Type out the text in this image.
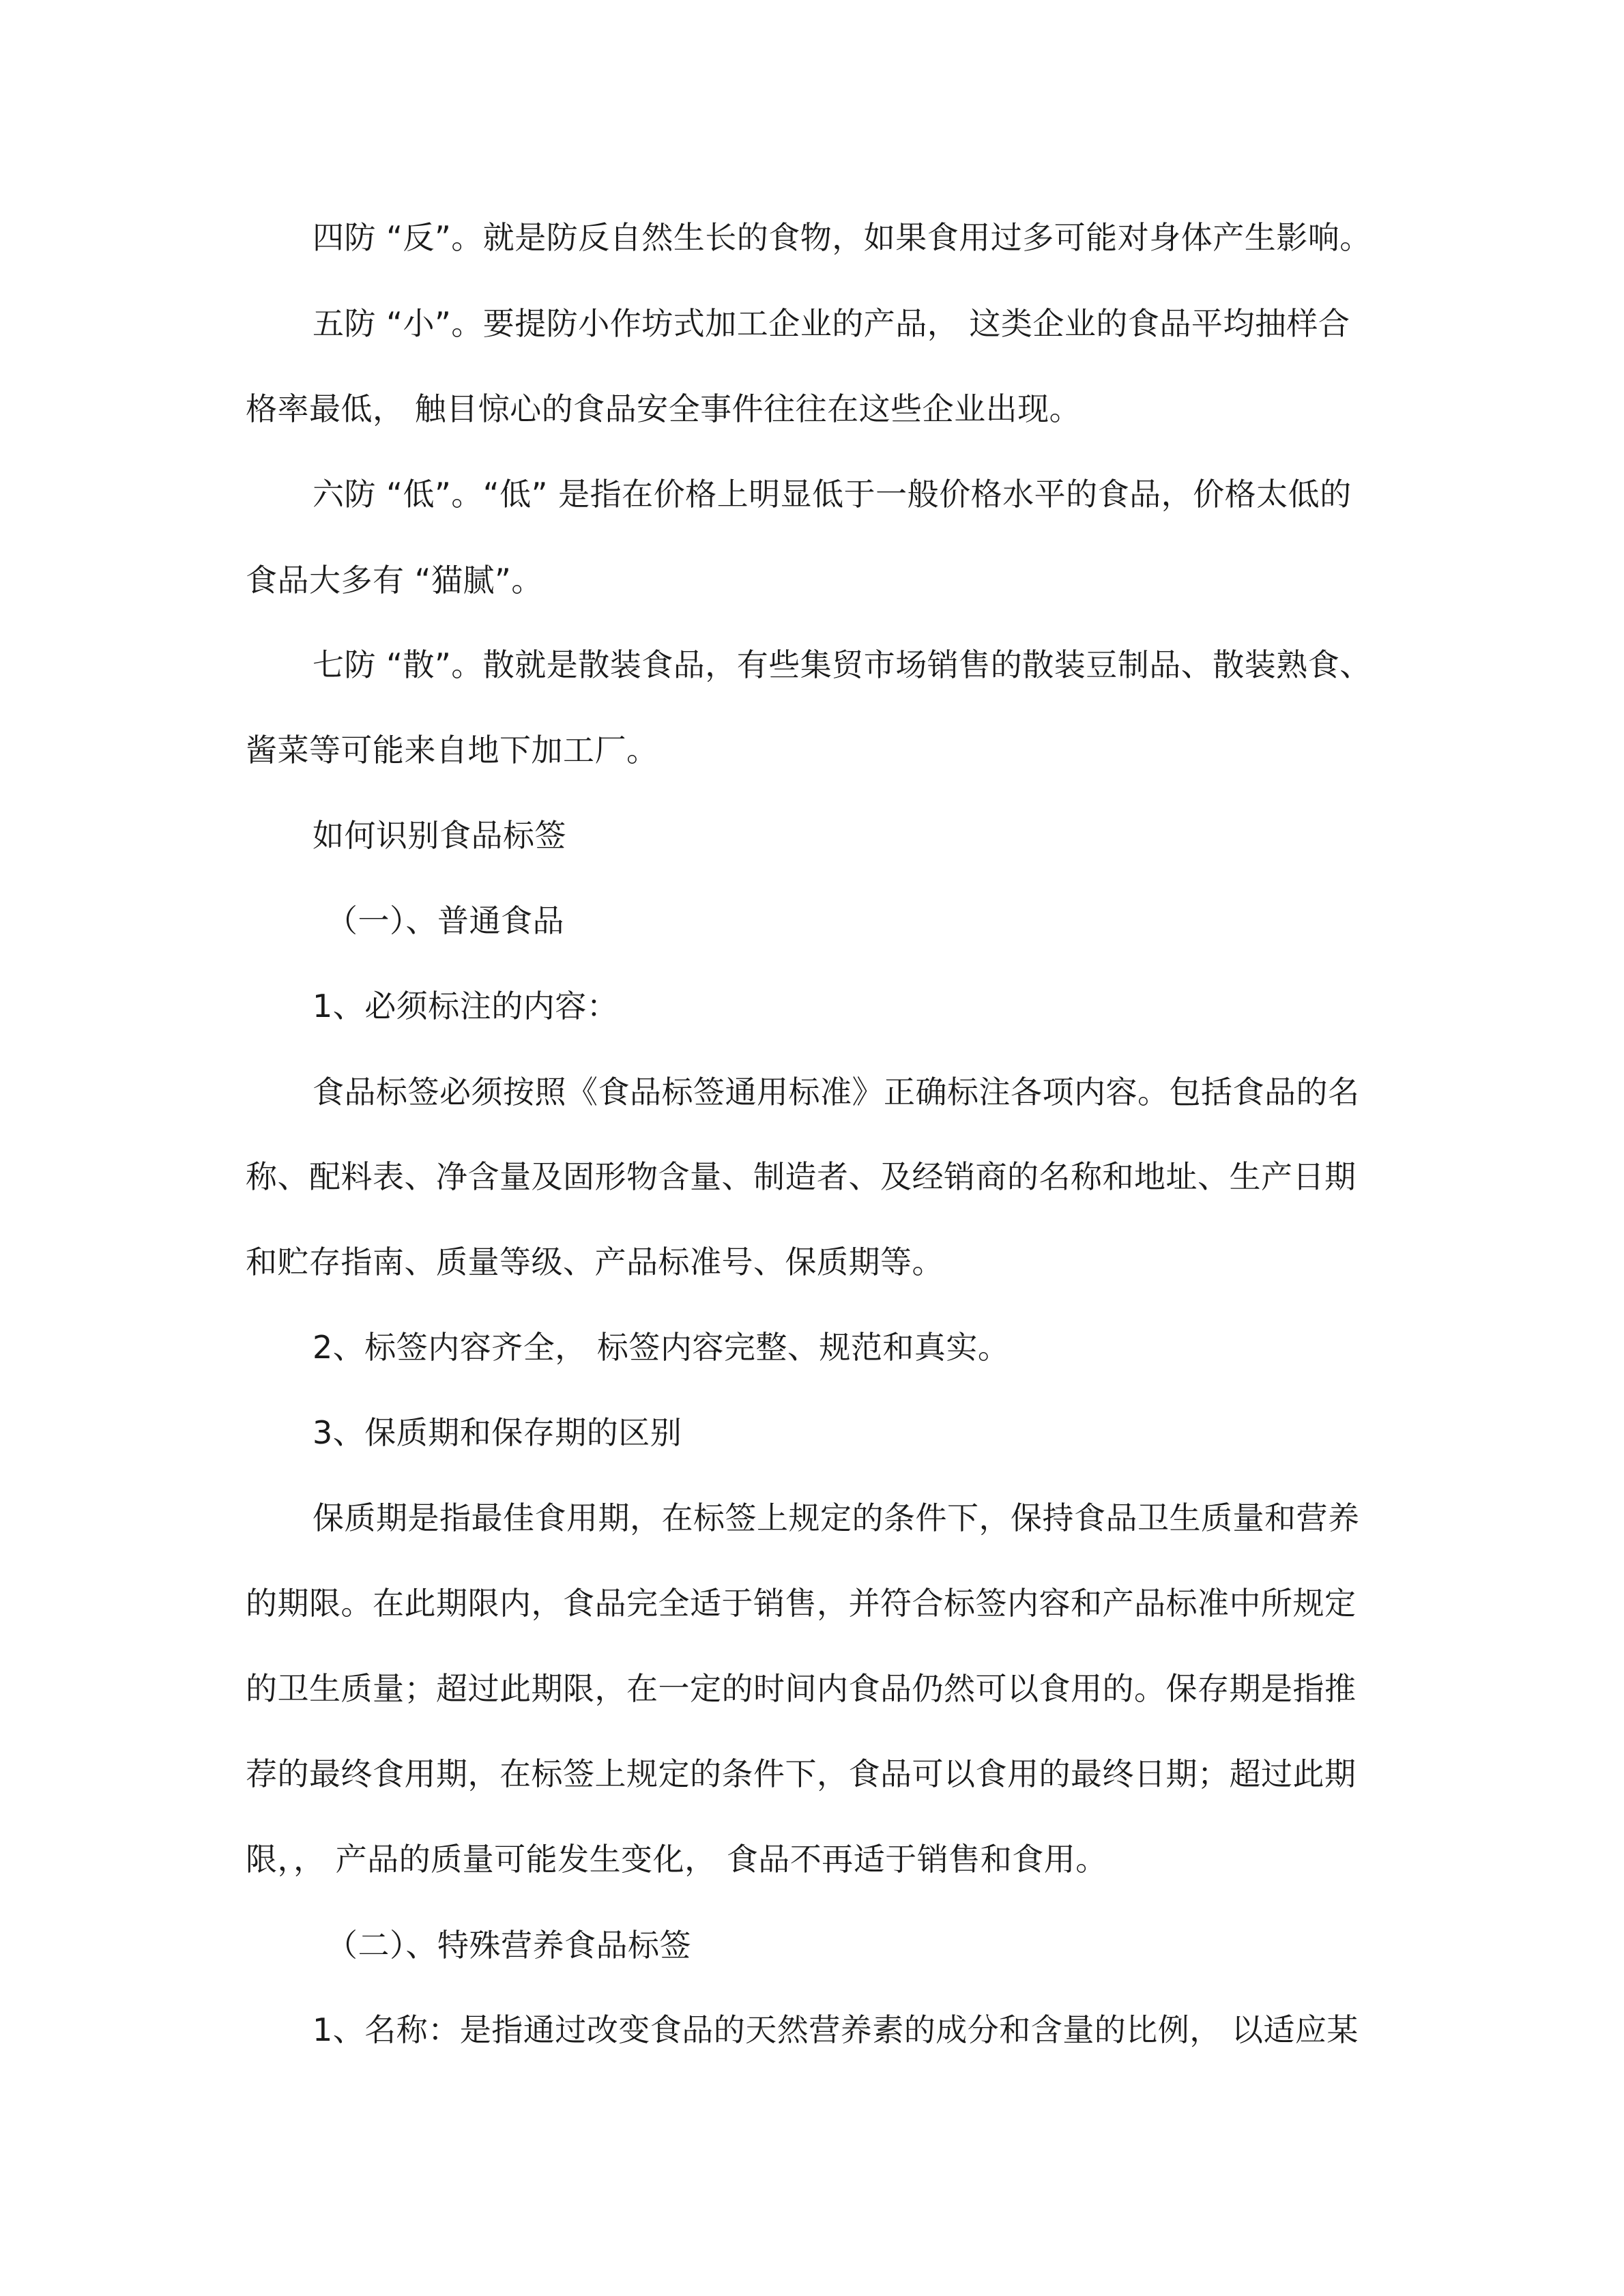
四防 “反”。就是防反自然生长的食物，如果食用过多可能对身体产生影响。
五防 “小”。要提防小作坊式加工企业的产品， 这类企业的食品平均抽样合
格率最低， 触目惊心的食品安全事件往往在这些企业出现。
六防 “低”。“低” 是指在价格上明显低于一般价格水平的食品，价格太低的
食品大多有 “猫腻”。
七防 “散”。散就是散装食品，有些集贸市场销售的散装豆制品、散装熟食、
酱菜等可能来自地下加工厂。
如何识别食品标签
（一）、普通食品
1、必须标注的内容：
食品标签必须按照《食品标签通用标准》正确标注各项内容。包括食品的名
称、配料表、净含量及固形物含量、制造者、及经销商的名称和地址、生产日期
和贮存指南、质量等级、产品标准号、保质期等。
2、标签内容齐全， 标签内容完整、规范和真实。
3、保质期和保存期的区别
保质期是指最佳食用期，在标签上规定的条件下，保持食品卫生质量和营养
的期限。在此期限内，食品完全适于销售，并符合标签内容和产品标准中所规定
的卫生质量；超过此期限，在一定的时间内食品仍然可以食用的。保存期是指推
荐的最终食用期，在标签上规定的条件下，食品可以食用的最终日期；超过此期
限，， 产品的质量可能发生变化， 食品不再适于销售和食用。
（二）、特殊营养食品标签
1、名称：是指通过改变食品的天然营养素的成分和含量的比例， 以适应某
